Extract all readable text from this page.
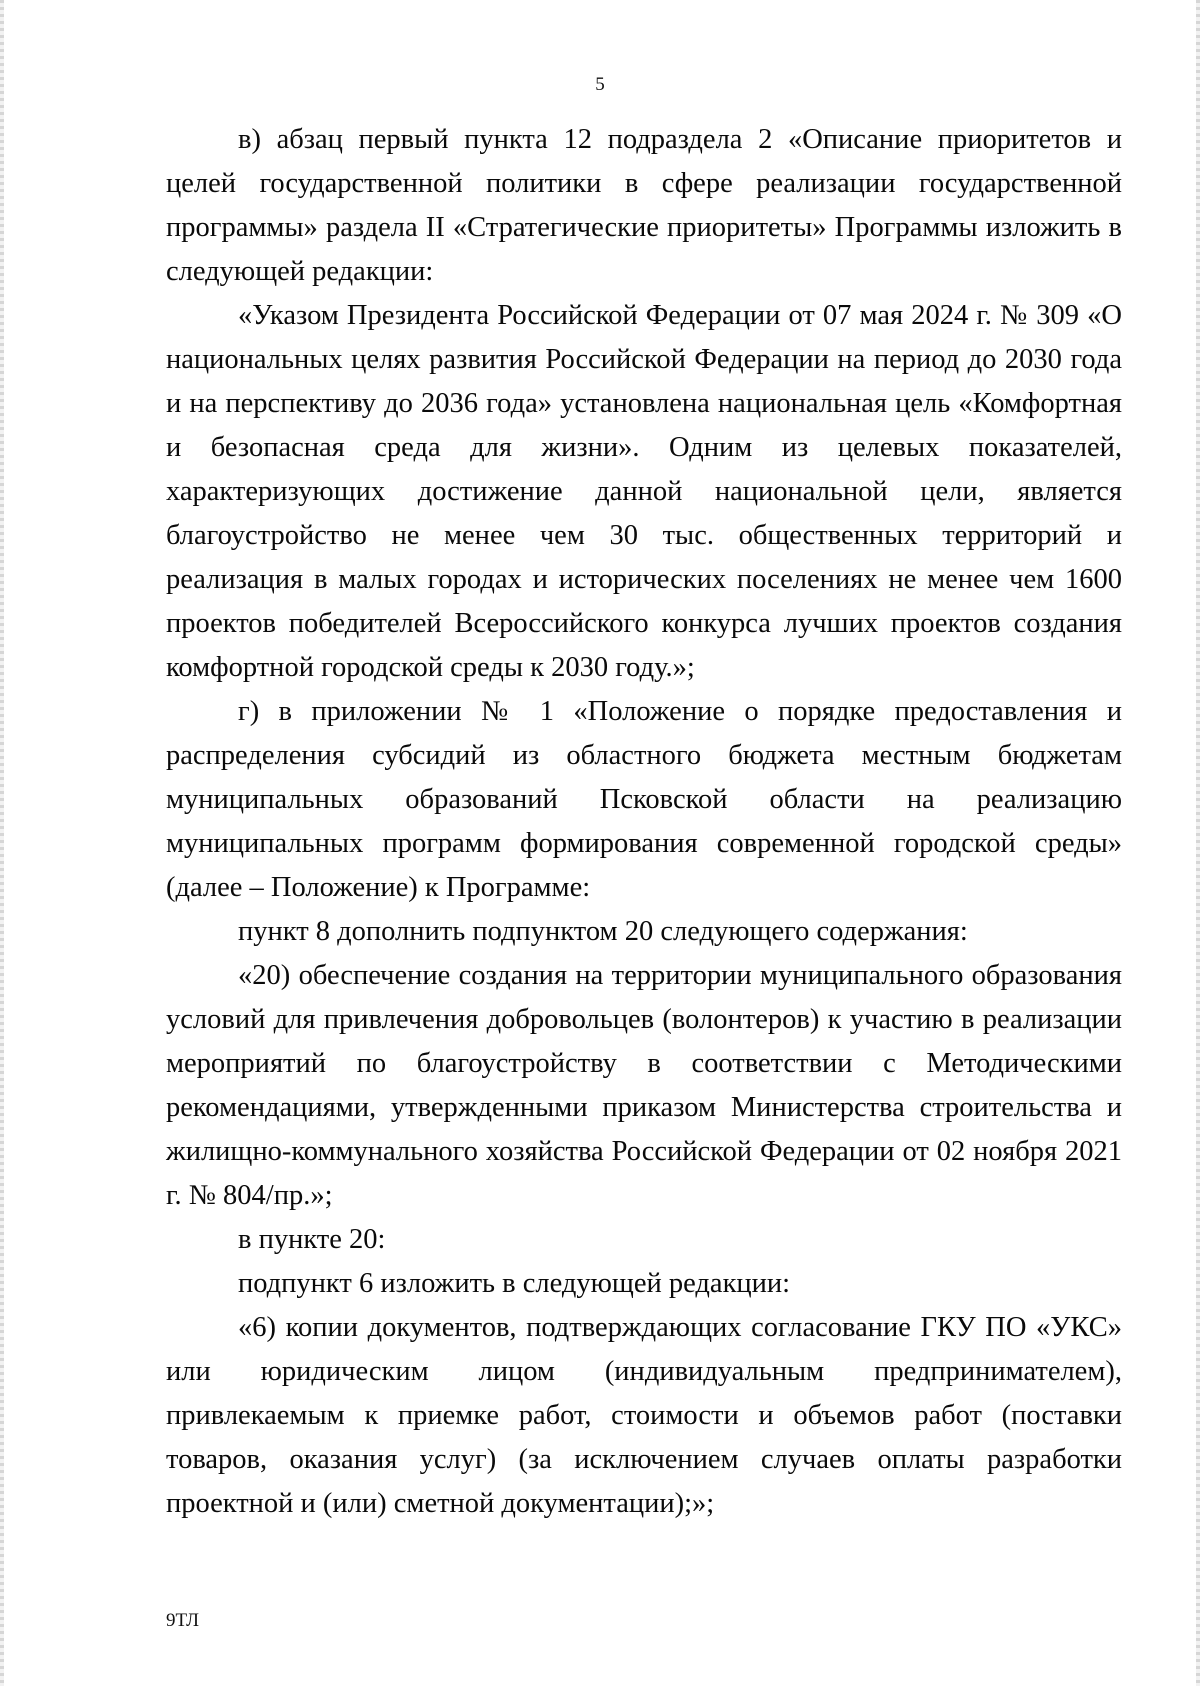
5

в) абзац первый пункта 12 подраздела 2 «Описание приоритетов и целей государственной политики в сфере реализации государственной программы» раздела II «Стратегические приоритеты» Программы изложить в следующей редакции:

«Указом Президента Российской Федерации от 07 мая 2024 г. № 309 «О национальных целях развития Российской Федерации на период до 2030 года и на перспективу до 2036 года» установлена национальная цель «Комфортная и безопасная среда для жизни». Одним из целевых показателей, характеризующих достижение данной национальной цели, является благоустройство не менее чем 30 тыс. общественных территорий и реализация в малых городах и исторических поселениях не менее чем 1600 проектов победителей Всероссийского конкурса лучших проектов создания комфортной городской среды к 2030 году.»;

г) в приложении № 1 «Положение о порядке предоставления и распределения субсидий из областного бюджета местным бюджетам муниципальных образований Псковской области на реализацию муниципальных программ формирования современной городской среды» (далее – Положение) к Программе:

пункт 8 дополнить подпунктом 20 следующего содержания:

«20) обеспечение создания на территории муниципального образования условий для привлечения добровольцев (волонтеров) к участию в реализации мероприятий по благоустройству в соответствии с Методическими рекомендациями, утвержденными приказом Министерства строительства и жилищно-коммунального хозяйства Российской Федерации от 02 ноября 2021 г. № 804/пр.»;

в пункте 20:

подпункт 6 изложить в следующей редакции:

«6) копии документов, подтверждающих согласование ГКУ ПО «УКС» или юридическим лицом (индивидуальным предпринимателем), привлекаемым к приемке работ, стоимости и объемов работ (поставки товаров, оказания услуг) (за исключением случаев оплаты разработки проектной и (или) сметной документации);»;

9ТЛ
